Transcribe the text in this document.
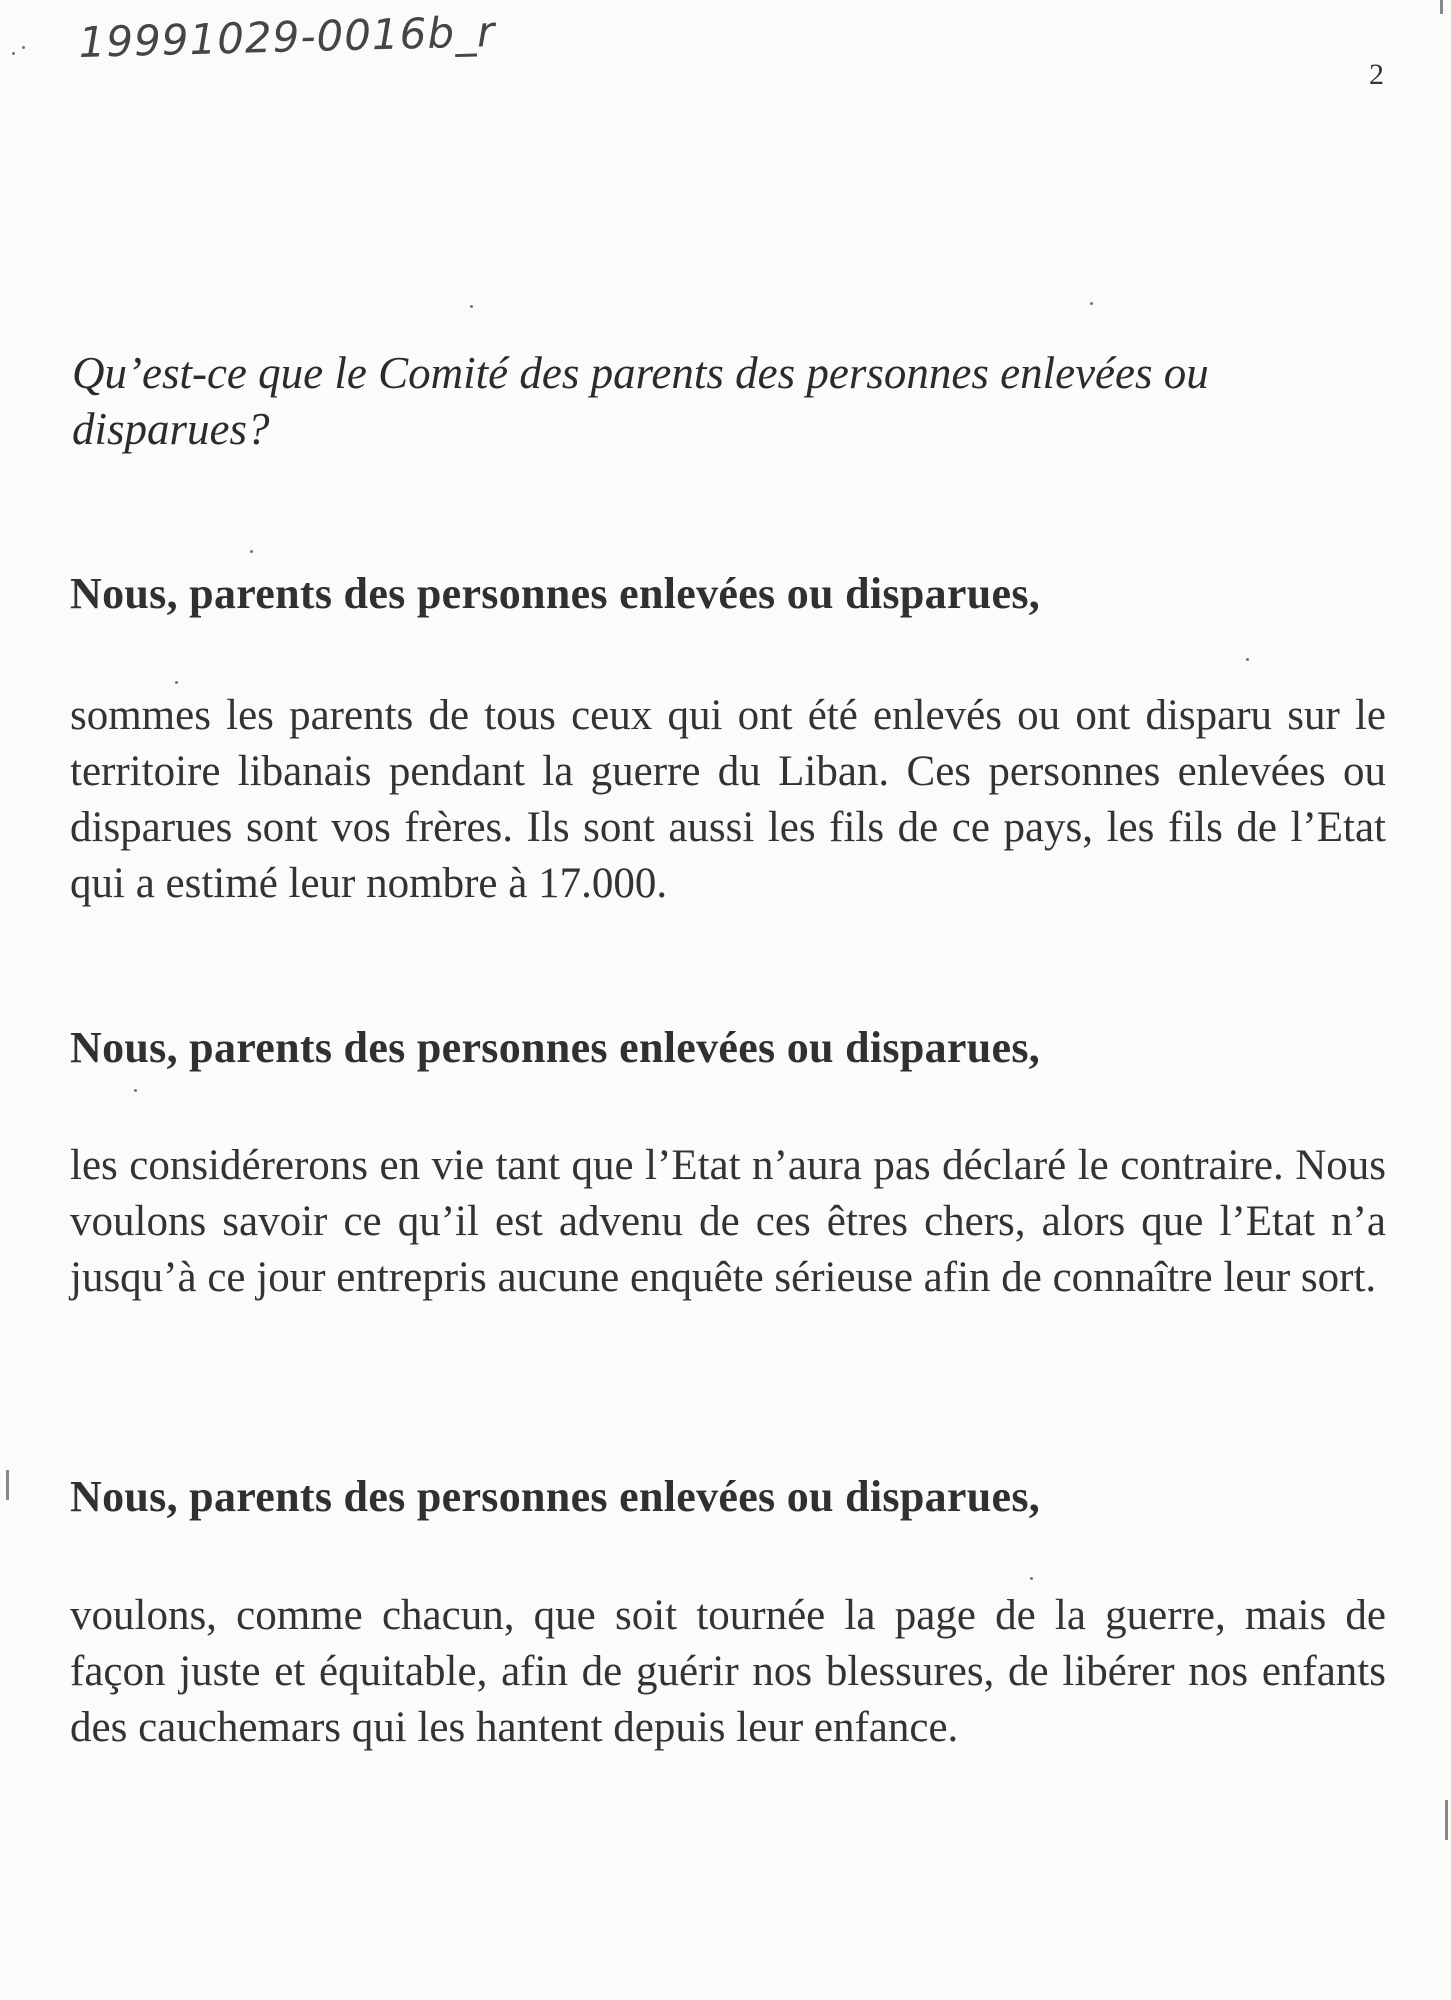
19991029-0016b_r
2
Qu’est-ce que le Comité des parents des personnes enlevées ou disparues?
Nous, parents des personnes enlevées ou disparues,
sommes les parents de tous ceux qui ont été enlevés ou ont disparu sur le territoire libanais pendant la guerre du Liban. Ces personnes enlevées ou disparues sont vos frères. Ils sont aussi les fils de ce pays, les fils de l’Etat qui a estimé leur nombre à 17.000.
Nous, parents des personnes enlevées ou disparues,
les considérerons en vie tant que l’Etat n’aura pas déclaré le contraire. Nous voulons savoir ce qu’il est advenu de ces êtres chers, alors que l’Etat n’a jusqu’à ce jour entrepris aucune enquête sérieuse afin de connaître leur sort.
Nous, parents des personnes enlevées ou disparues,
voulons, comme chacun, que soit tournée la page de la guerre, mais de façon juste et équitable, afin de guérir nos blessures, de libérer nos enfants des cauchemars qui les hantent depuis leur enfance.
